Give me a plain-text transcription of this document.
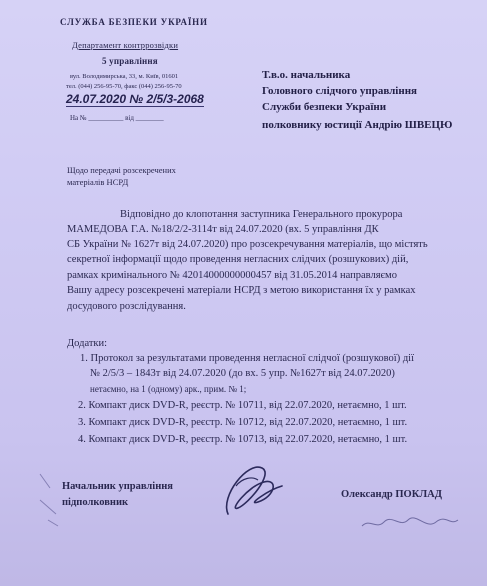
СЛУЖБА БЕЗПЕКИ УКРАЇНИ
Департамент контррозвідки
5 управління
вул. Володимирська, 33, м. Київ, 01601
тел. (044) 256-95-70, факс (044) 256-95-70
24.07.2020 № 2/5/3-2068
На № __________ від ________
Т.в.о. начальника
Головного слідчого управління
Служби безпеки України
полковнику юстиції Андрію ШВЕЦЮ
Щодо передачі розсекречених
матеріалів НСРД
Відповідно до клопотання заступника Генерального прокурора
МАМЕДОВА Г.А. №18/2/2-3114т від 24.07.2020 (вх. 5 управління ДК
СБ України № 1627т від 24.07.2020) про розсекречування матеріалів, що містять
секретної інформації щодо проведення негласних слідчих (розшукових) дій,
рамках кримінального № 42014000000000457 від 31.05.2014 направляємо
Вашу адресу розсекречені матеріали НСРД з метою використання їх у рамках
досудового розслідування.
Додатки:
1. Протокол за результатами проведення негласної слідчої (розшукової) дії
№ 2/5/3 – 1843т від 24.07.2020 (до вх. 5 упр. №1627т від 24.07.2020)
нетаємно, на 1 (одному) арк., прим. № 1;
2. Компакт диск DVD-R, реєстр. № 10711, від 22.07.2020, нетаємно, 1 шт.
3. Компакт диск DVD-R, реєстр. № 10712, від 22.07.2020, нетаємно, 1 шт.
4. Компакт диск DVD-R, реєстр. № 10713, від 22.07.2020, нетаємно, 1 шт.
Начальник управління
підполковник
Олександр ПОКЛАД
